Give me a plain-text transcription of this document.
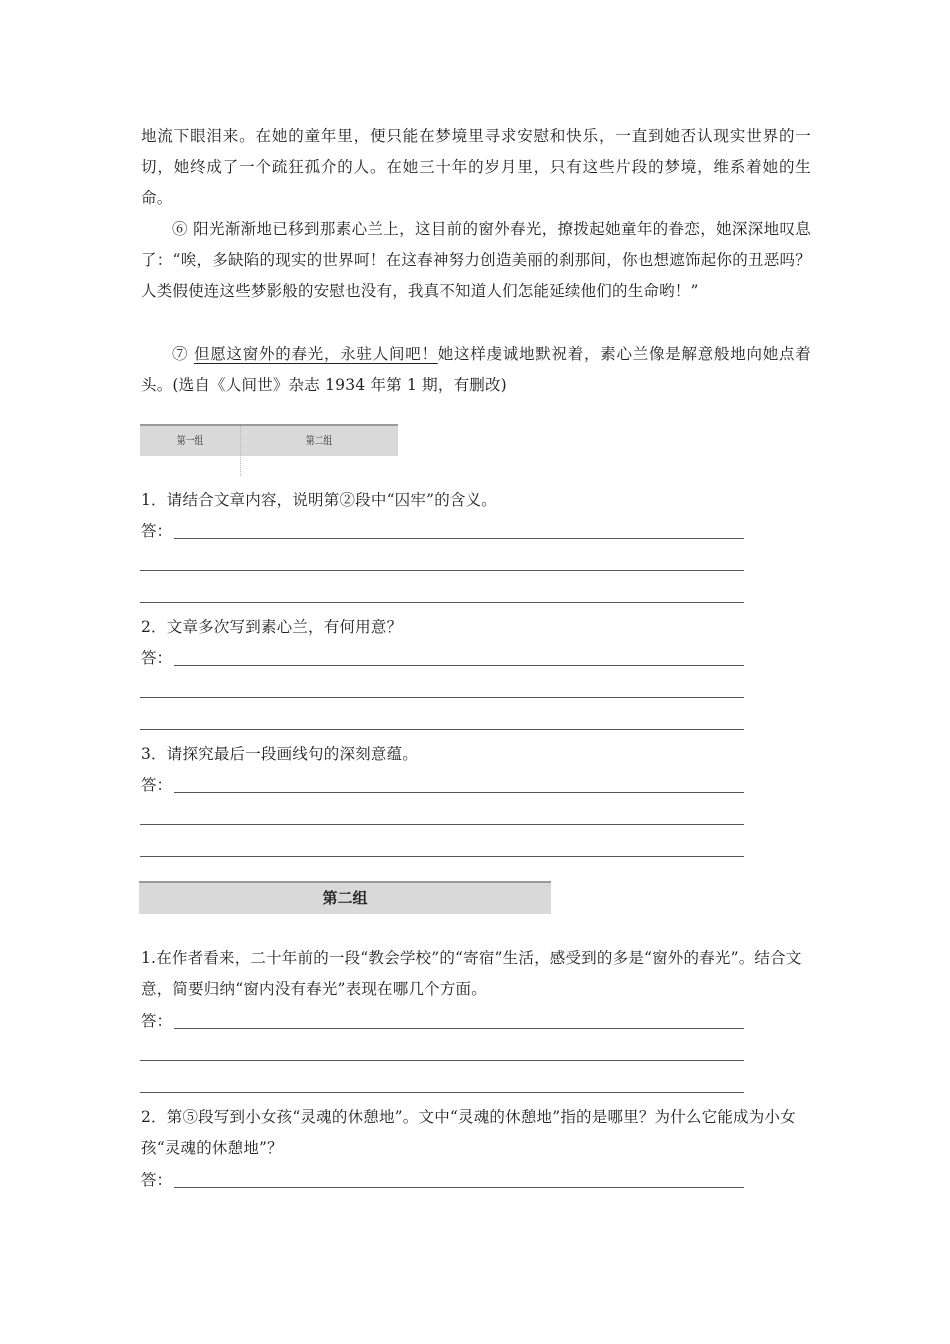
地流下眼泪来。在她的童年里，便只能在梦境里寻求安慰和快乐，一直到她否认现实世界的一切，她终成了一个疏狂孤介的人。在她三十年的岁月里，只有这些片段的梦境，维系着她的生命。
⑥ 阳光渐渐地已移到那素心兰上，这目前的窗外春光，撩拨起她童年的眷恋，她深深地叹息了：“唉，多缺陷的现实的世界呵！在这春神努力创造美丽的刹那间，你也想遮饰起你的丑恶吗？人类假使连这些梦影般的安慰也没有，我真不知道人们怎能延续他们的生命哟！”
⑦ 但愿这窗外的春光，永驻人间吧！她这样虔诚地默祝着，素心兰像是解意般地向她点着头。(选自《人间世》杂志 1934 年第 1 期，有删改)
第一组	第二组
1．请结合文章内容，说明第②段中“囚牢”的含义。
答：
2．文章多次写到素心兰，有何用意？
答：
3．请探究最后一段画线句的深刻意蕴。
答：
第二组
1.在作者看来，二十年前的一段“教会学校”的“寄宿”生活，感受到的多是“窗外的春光”。结合文意，简要归纳“窗内没有春光”表现在哪几个方面。
答：
2．第⑤段写到小女孩“灵魂的休憩地”。文中“灵魂的休憩地”指的是哪里？为什么它能成为小女孩“灵魂的休憩地”？
答：
